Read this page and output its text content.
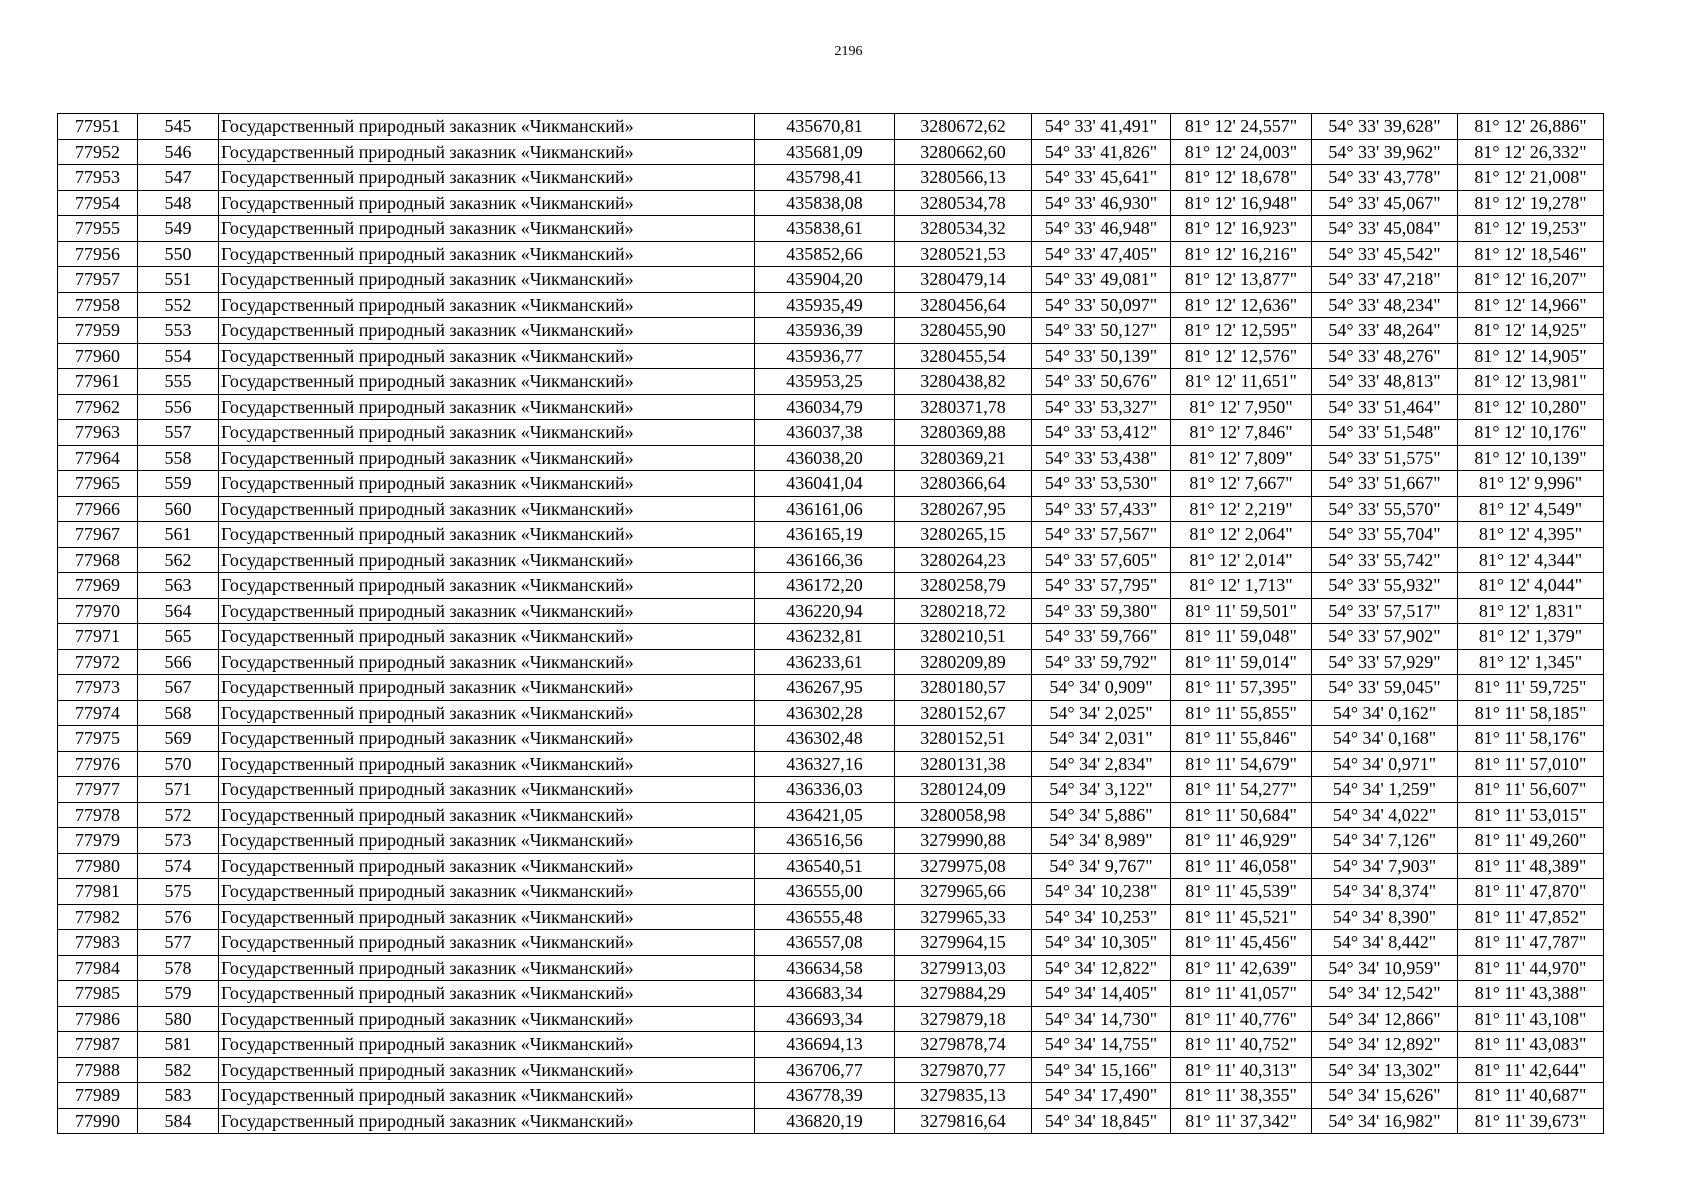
2196
77951	545	Государственный природный заказник «Чикманский»	435670,81	3280672,62	54° 33' 41,491"	81° 12' 24,557"	54° 33' 39,628"	81° 12' 26,886"
77952	546	Государственный природный заказник «Чикманский»	435681,09	3280662,60	54° 33' 41,826"	81° 12' 24,003"	54° 33' 39,962"	81° 12' 26,332"
77953	547	Государственный природный заказник «Чикманский»	435798,41	3280566,13	54° 33' 45,641"	81° 12' 18,678"	54° 33' 43,778"	81° 12' 21,008"
77954	548	Государственный природный заказник «Чикманский»	435838,08	3280534,78	54° 33' 46,930"	81° 12' 16,948"	54° 33' 45,067"	81° 12' 19,278"
77955	549	Государственный природный заказник «Чикманский»	435838,61	3280534,32	54° 33' 46,948"	81° 12' 16,923"	54° 33' 45,084"	81° 12' 19,253"
77956	550	Государственный природный заказник «Чикманский»	435852,66	3280521,53	54° 33' 47,405"	81° 12' 16,216"	54° 33' 45,542"	81° 12' 18,546"
77957	551	Государственный природный заказник «Чикманский»	435904,20	3280479,14	54° 33' 49,081"	81° 12' 13,877"	54° 33' 47,218"	81° 12' 16,207"
77958	552	Государственный природный заказник «Чикманский»	435935,49	3280456,64	54° 33' 50,097"	81° 12' 12,636"	54° 33' 48,234"	81° 12' 14,966"
77959	553	Государственный природный заказник «Чикманский»	435936,39	3280455,90	54° 33' 50,127"	81° 12' 12,595"	54° 33' 48,264"	81° 12' 14,925"
77960	554	Государственный природный заказник «Чикманский»	435936,77	3280455,54	54° 33' 50,139"	81° 12' 12,576"	54° 33' 48,276"	81° 12' 14,905"
77961	555	Государственный природный заказник «Чикманский»	435953,25	3280438,82	54° 33' 50,676"	81° 12' 11,651"	54° 33' 48,813"	81° 12' 13,981"
77962	556	Государственный природный заказник «Чикманский»	436034,79	3280371,78	54° 33' 53,327"	81° 12' 7,950"	54° 33' 51,464"	81° 12' 10,280"
77963	557	Государственный природный заказник «Чикманский»	436037,38	3280369,88	54° 33' 53,412"	81° 12' 7,846"	54° 33' 51,548"	81° 12' 10,176"
77964	558	Государственный природный заказник «Чикманский»	436038,20	3280369,21	54° 33' 53,438"	81° 12' 7,809"	54° 33' 51,575"	81° 12' 10,139"
77965	559	Государственный природный заказник «Чикманский»	436041,04	3280366,64	54° 33' 53,530"	81° 12' 7,667"	54° 33' 51,667"	81° 12' 9,996"
77966	560	Государственный природный заказник «Чикманский»	436161,06	3280267,95	54° 33' 57,433"	81° 12' 2,219"	54° 33' 55,570"	81° 12' 4,549"
77967	561	Государственный природный заказник «Чикманский»	436165,19	3280265,15	54° 33' 57,567"	81° 12' 2,064"	54° 33' 55,704"	81° 12' 4,395"
77968	562	Государственный природный заказник «Чикманский»	436166,36	3280264,23	54° 33' 57,605"	81° 12' 2,014"	54° 33' 55,742"	81° 12' 4,344"
77969	563	Государственный природный заказник «Чикманский»	436172,20	3280258,79	54° 33' 57,795"	81° 12' 1,713"	54° 33' 55,932"	81° 12' 4,044"
77970	564	Государственный природный заказник «Чикманский»	436220,94	3280218,72	54° 33' 59,380"	81° 11' 59,501"	54° 33' 57,517"	81° 12' 1,831"
77971	565	Государственный природный заказник «Чикманский»	436232,81	3280210,51	54° 33' 59,766"	81° 11' 59,048"	54° 33' 57,902"	81° 12' 1,379"
77972	566	Государственный природный заказник «Чикманский»	436233,61	3280209,89	54° 33' 59,792"	81° 11' 59,014"	54° 33' 57,929"	81° 12' 1,345"
77973	567	Государственный природный заказник «Чикманский»	436267,95	3280180,57	54° 34' 0,909"	81° 11' 57,395"	54° 33' 59,045"	81° 11' 59,725"
77974	568	Государственный природный заказник «Чикманский»	436302,28	3280152,67	54° 34' 2,025"	81° 11' 55,855"	54° 34' 0,162"	81° 11' 58,185"
77975	569	Государственный природный заказник «Чикманский»	436302,48	3280152,51	54° 34' 2,031"	81° 11' 55,846"	54° 34' 0,168"	81° 11' 58,176"
77976	570	Государственный природный заказник «Чикманский»	436327,16	3280131,38	54° 34' 2,834"	81° 11' 54,679"	54° 34' 0,971"	81° 11' 57,010"
77977	571	Государственный природный заказник «Чикманский»	436336,03	3280124,09	54° 34' 3,122"	81° 11' 54,277"	54° 34' 1,259"	81° 11' 56,607"
77978	572	Государственный природный заказник «Чикманский»	436421,05	3280058,98	54° 34' 5,886"	81° 11' 50,684"	54° 34' 4,022"	81° 11' 53,015"
77979	573	Государственный природный заказник «Чикманский»	436516,56	3279990,88	54° 34' 8,989"	81° 11' 46,929"	54° 34' 7,126"	81° 11' 49,260"
77980	574	Государственный природный заказник «Чикманский»	436540,51	3279975,08	54° 34' 9,767"	81° 11' 46,058"	54° 34' 7,903"	81° 11' 48,389"
77981	575	Государственный природный заказник «Чикманский»	436555,00	3279965,66	54° 34' 10,238"	81° 11' 45,539"	54° 34' 8,374"	81° 11' 47,870"
77982	576	Государственный природный заказник «Чикманский»	436555,48	3279965,33	54° 34' 10,253"	81° 11' 45,521"	54° 34' 8,390"	81° 11' 47,852"
77983	577	Государственный природный заказник «Чикманский»	436557,08	3279964,15	54° 34' 10,305"	81° 11' 45,456"	54° 34' 8,442"	81° 11' 47,787"
77984	578	Государственный природный заказник «Чикманский»	436634,58	3279913,03	54° 34' 12,822"	81° 11' 42,639"	54° 34' 10,959"	81° 11' 44,970"
77985	579	Государственный природный заказник «Чикманский»	436683,34	3279884,29	54° 34' 14,405"	81° 11' 41,057"	54° 34' 12,542"	81° 11' 43,388"
77986	580	Государственный природный заказник «Чикманский»	436693,34	3279879,18	54° 34' 14,730"	81° 11' 40,776"	54° 34' 12,866"	81° 11' 43,108"
77987	581	Государственный природный заказник «Чикманский»	436694,13	3279878,74	54° 34' 14,755"	81° 11' 40,752"	54° 34' 12,892"	81° 11' 43,083"
77988	582	Государственный природный заказник «Чикманский»	436706,77	3279870,77	54° 34' 15,166"	81° 11' 40,313"	54° 34' 13,302"	81° 11' 42,644"
77989	583	Государственный природный заказник «Чикманский»	436778,39	3279835,13	54° 34' 17,490"	81° 11' 38,355"	54° 34' 15,626"	81° 11' 40,687"
77990	584	Государственный природный заказник «Чикманский»	436820,19	3279816,64	54° 34' 18,845"	81° 11' 37,342"	54° 34' 16,982"	81° 11' 39,673"
